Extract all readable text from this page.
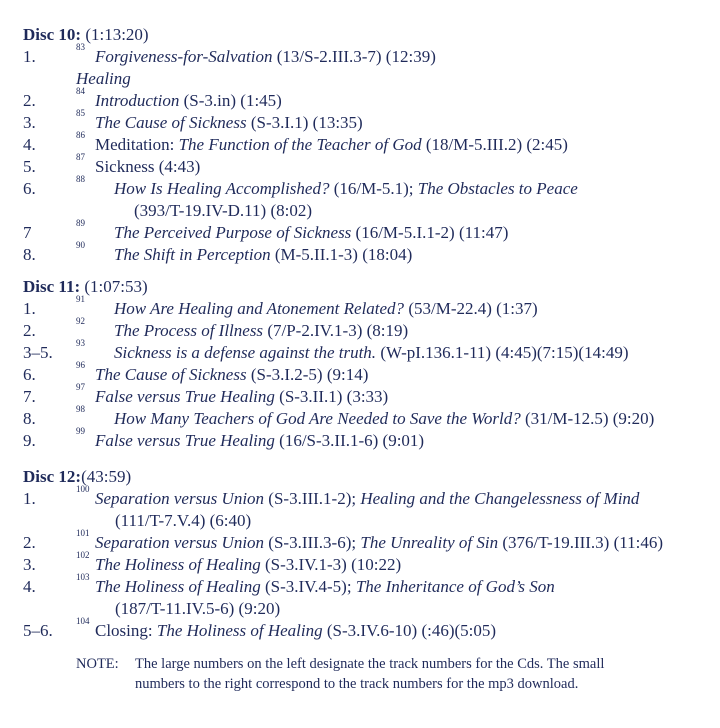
Disc 10: (1:13:20)
1.	83 Forgiveness-for-Salvation (13/S-2.III.3-7) (12:39)
Healing
2.	84 Introduction (S-3.in) (1:45)
3.	85 The Cause of Sickness (S-3.I.1) (13:35)
4.	86 Meditation: The Function of the Teacher of God (18/M-5.III.2) (2:45)
5.	87 Sickness (4:43)
6.	88 How Is Healing Accomplished? (16/M-5.1); The Obstacles to Peace
(393/T-19.IV-D.11) (8:02)
7	89 The Perceived Purpose of Sickness (16/M-5.I.1-2) (11:47)
8.	90 The Shift in Perception (M-5.II.1-3) (18:04)
Disc 11: (1:07:53)
1.	91 How Are Healing and Atonement Related? (53/M-22.4) (1:37)
2.	92 The Process of Illness (7/P-2.IV.1-3) (8:19)
3–5.	93 Sickness is a defense against the truth. (W-pI.136.1-11) (4:45)(7:15)(14:49)
6.	96 The Cause of Sickness (S-3.I.2-5) (9:14)
7.	97 False versus True Healing (S-3.II.1) (3:33)
8.	98 How Many Teachers of God Are Needed to Save the World? (31/M-12.5) (9:20)
9.	99 False versus True Healing (16/S-3.II.1-6) (9:01)
Disc 12:(43:59)
1.	100 Separation versus Union (S-3.III.1-2); Healing and the Changelessness of Mind
(111/T-7.V.4) (6:40)
2.	101 Separation versus Union (S-3.III.3-6); The Unreality of Sin (376/T-19.III.3) (11:46)
3.	102 The Holiness of Healing (S-3.IV.1-3) (10:22)
4.	103 The Holiness of Healing (S-3.IV.4-5); The Inheritance of God’s Son
(187/T-11.IV.5-6) (9:20)
5–6.	104 Closing: The Holiness of Healing (S-3.IV.6-10) (:46)(5:05)
NOTE: The large numbers on the left designate the track numbers for the Cds. The small
numbers to the right correspond to the track numbers for the mp3 download.
